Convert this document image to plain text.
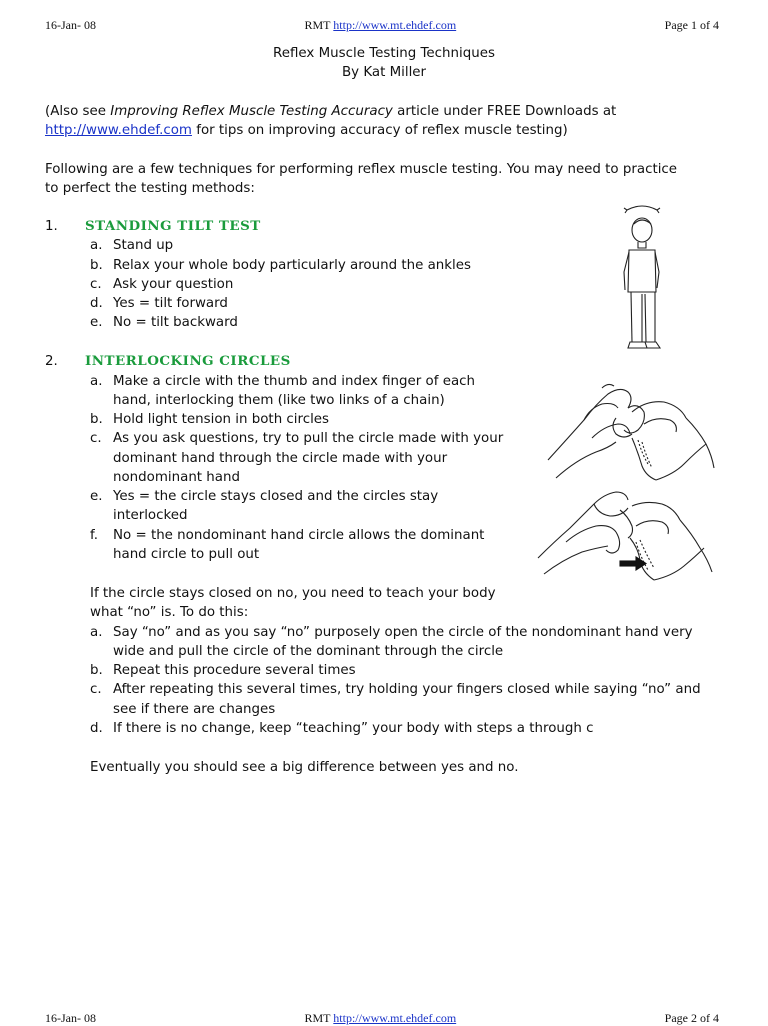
16-Jan- 08	RMT http://www.mt.ehdef.com	Page 1 of 4
Reflex Muscle Testing Techniques
By Kat Miller
(Also see Improving Reflex Muscle Testing Accuracy article under FREE Downloads at
http://www.ehdef.com for tips on improving accuracy of reflex muscle testing)
Following are a few techniques for performing reflex muscle testing. You may need to practice
to perfect the testing methods:
1. STANDING TILT TEST
a. Stand up
b. Relax your whole body particularly around the ankles
c. Ask your question
d. Yes = tilt forward
e. No = tilt backward
2. INTERLOCKING CIRCLES
a. Make a circle with the thumb and index finger of each
hand, interlocking them (like two links of a chain)
b. Hold light tension in both circles
c. As you ask questions, try to pull the circle made with your
dominant hand through the circle made with your
nondominant hand
e. Yes = the circle stays closed and the circles stay
interlocked
f. No = the nondominant hand circle allows the dominant
hand circle to pull out
If the circle stays closed on no, you need to teach your body
what “no” is. To do this:
a. Say “no” and as you say “no” purposely open the circle of the nondominant hand very
wide and pull the circle of the dominant through the circle
b. Repeat this procedure several times
c. After repeating this several times, try holding your fingers closed while saying “no” and
see if there are changes
d. If there is no change, keep “teaching” your body with steps a through c
Eventually you should see a big difference between yes and no.
16-Jan- 08	RMT http://www.mt.ehdef.com	Page 2 of 4
